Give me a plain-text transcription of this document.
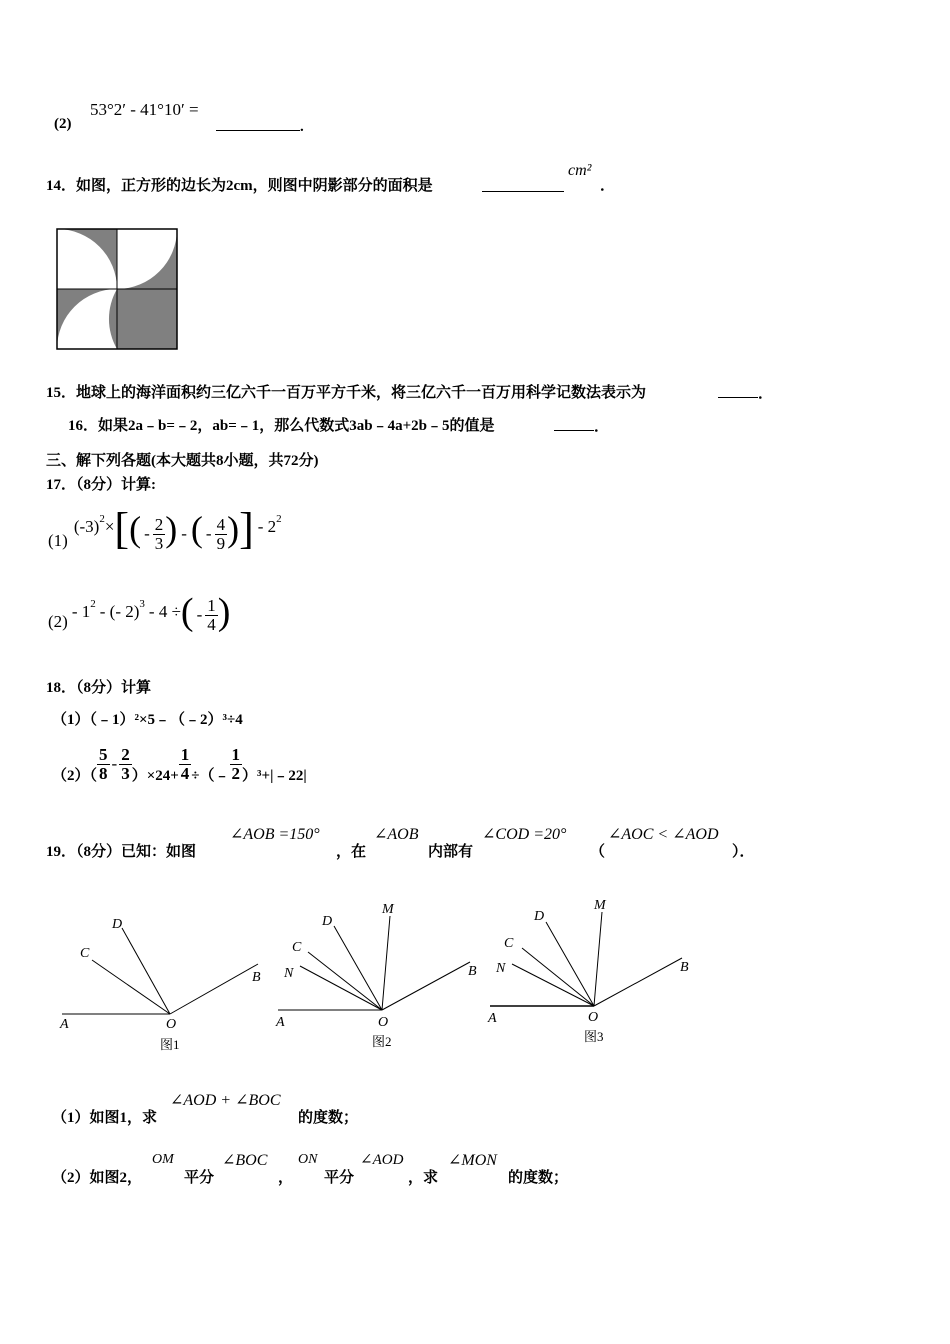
(2)
53°2′ - 41°10′ =
.
14．如图，正方形的边长为2cm，则图中阴影部分的面积是
cm²
．
15．地球上的海洋面积约三亿六千一百万平方千米，将三亿六千一百万用科学记数法表示为	．
16．如果2a﹣b=﹣2，ab=﹣1，那么代数式3ab﹣4a+2b﹣5的值是	．
三、解下列各题(本大题共8小题，共72分)
17．（8分）计算:
(1)
$(-3)^2$ × [ ( - $\frac{2}{3}$ ) - ( - $\frac{4}{9}$ ) ] - $2^2$
(2)
- $1^2$ - (- 2)$^3$ - 4 ÷ ( - $\frac{1}{4}$ )
18．（8分）计算
（1）（﹣1）²×5﹣（﹣2）³÷4
$(2)( \frac{5}{8} - \frac{2}{3} )\times 24+ \frac{1}{4}$ ÷（﹣ $\frac{1}{2}$ ）³+|﹣22|
19．（8分）已知：如图
∠AOB =150°
，在
∠AOB
内部有
∠COD =20°
（
∠AOC < ∠AOD
）．
A	O
B
C
D
图1
A	O
B
C
D
M
N
图2
A	O
B
C
D
M
N
图3
（1）如图1，求
∠AOD + ∠BOC
的度数；
（2）如图2，
OM
平分
∠BOC
，
ON
平分
∠AOD
，求
∠MON
的度数；
